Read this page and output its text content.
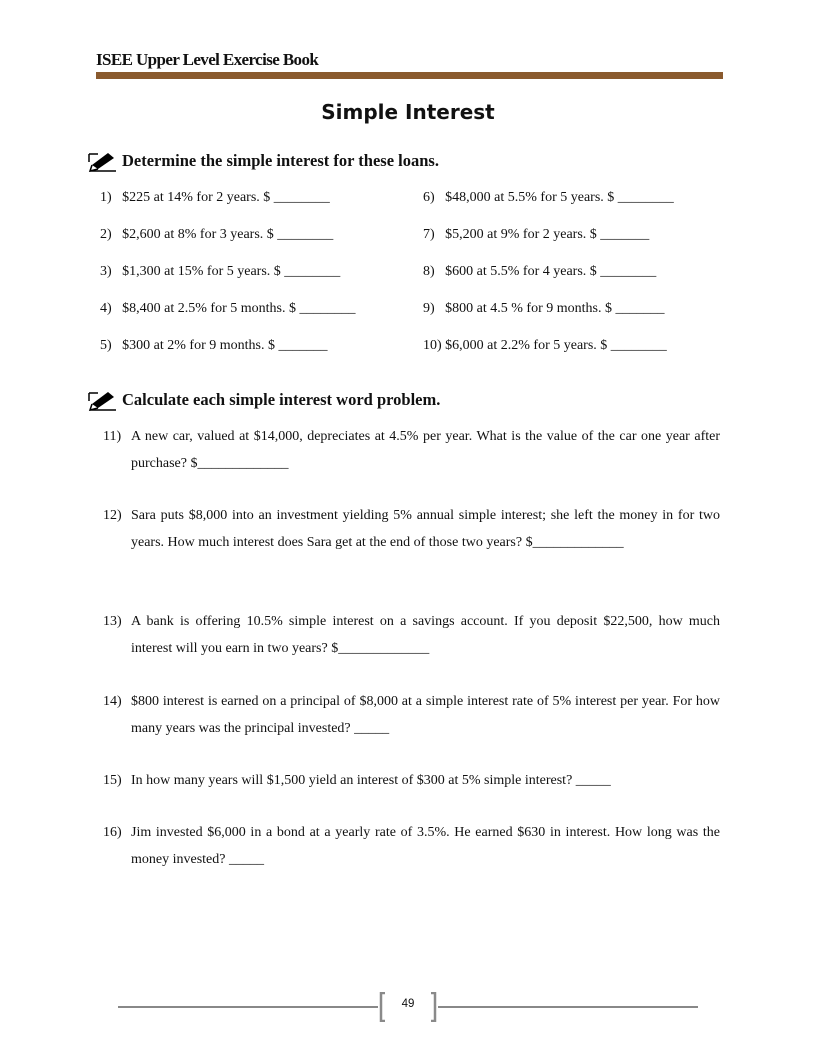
ISEE Upper Level Exercise Book
Simple Interest
Determine the simple interest for these loans.
1)   $225 at 14% for 2 years. $ ________
2)   $2,600 at 8% for 3 years. $ ________
3)   $1,300 at 15% for 5 years. $ ________
4)   $8,400 at 2.5% for 5 months. $ ________
5)   $300 at 2% for 9 months. $ _______
6)   $48,000 at 5.5% for 5 years. $ ________
7)   $5,200 at 9% for 2 years. $ _______
8)   $600 at 5.5% for 4 years. $ ________
9)   $800 at 4.5 % for 9 months. $ _______
10) $6,000 at 2.2% for 5 years. $ ________
Calculate each simple interest word problem.
11) A new car, valued at $14,000, depreciates at 4.5% per year. What is the value of the car one year after purchase? $_____________
12) Sara puts $8,000 into an investment yielding 5% annual simple interest; she left the money in for two years. How much interest does Sara get at the end of those two years? $_____________
13) A bank is offering 10.5% simple interest on a savings account. If you deposit $22,500, how much interest will you earn in two years? $_____________
14) $800 interest is earned on a principal of $8,000 at a simple interest rate of 5% interest per year. For how many years was the principal invested? _____
15) In how many years will $1,500 yield an interest of $300 at 5% simple interest? _____
16) Jim invested $6,000 in a bond at a yearly rate of 3.5%. He earned $630 in interest. How long was the money invested? _____
49
